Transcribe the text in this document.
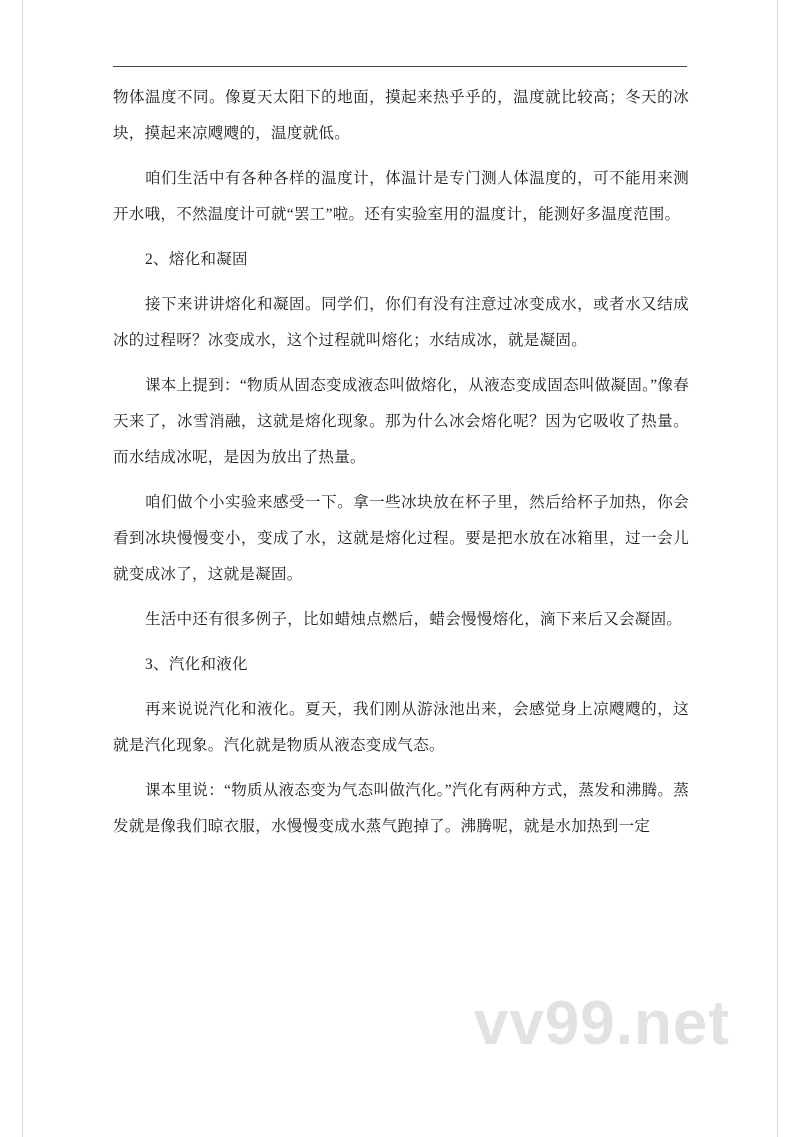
物体温度不同。像夏天太阳下的地面，摸起来热乎乎的，温度就比较高；冬天的冰块，摸起来凉飕飕的，温度就低。

咱们生活中有各种各样的温度计，体温计是专门测人体温度的，可不能用来测开水哦，不然温度计可就“罢工”啦。还有实验室用的温度计，能测好多温度范围。

2、熔化和凝固

接下来讲讲熔化和凝固。同学们，你们有没有注意过冰变成水，或者水又结成冰的过程呀？冰变成水，这个过程就叫熔化；水结成冰，就是凝固。

课本上提到：“物质从固态变成液态叫做熔化，从液态变成固态叫做凝固。”像春天来了，冰雪消融，这就是熔化现象。那为什么冰会熔化呢？因为它吸收了热量。而水结成冰呢，是因为放出了热量。

咱们做个小实验来感受一下。拿一些冰块放在杯子里，然后给杯子加热，你会看到冰块慢慢变小，变成了水，这就是熔化过程。要是把水放在冰箱里，过一会儿就变成冰了，这就是凝固。

生活中还有很多例子，比如蜡烛点燃后，蜡会慢慢熔化，滴下来后又会凝固。

3、汽化和液化

再来说说汽化和液化。夏天，我们刚从游泳池出来，会感觉身上凉飕飕的，这就是汽化现象。汽化就是物质从液态变成气态。

课本里说：“物质从液态变为气态叫做汽化。”汽化有两种方式，蒸发和沸腾。蒸发就是像我们晾衣服，水慢慢变成水蒸气跑掉了。沸腾呢，就是水加热到一定

vv99.net
